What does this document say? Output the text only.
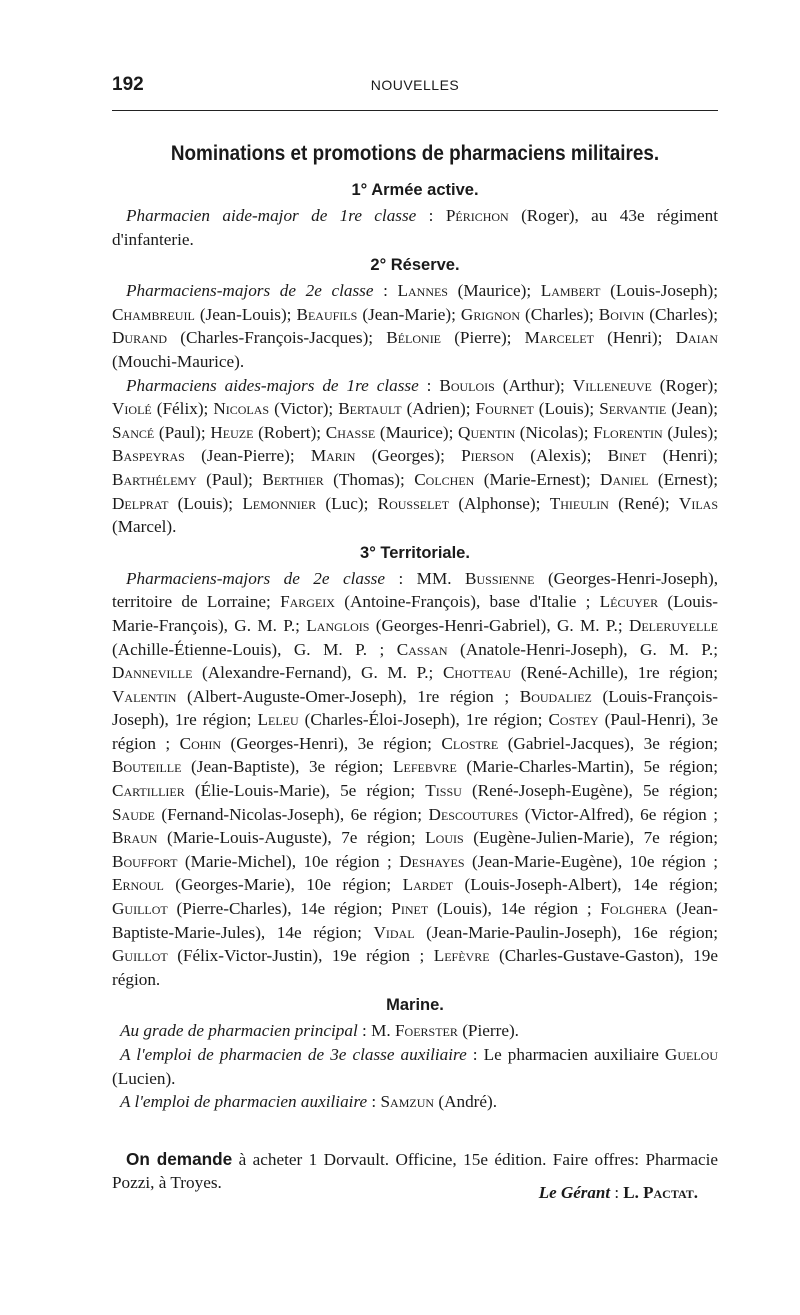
192	NOUVELLES
Nominations et promotions de pharmaciens militaires.
1° Armée active.

Pharmacien aide-major de 1re classe : Périchon (Roger), au 43e régiment d'infanterie.

2° Réserve.

Pharmaciens-majors de 2e classe : Lannes (Maurice); Lambert (Louis-Joseph); Chambreuil (Jean-Louis); Beaufils (Jean-Marie); Grignon (Charles); Boivin (Charles); Durand (Charles-François-Jacques); Bélonie (Pierre); Marcelet (Henri); Daian (Mouchi-Maurice).

Pharmaciens aides-majors de 1re classe : Boulois (Arthur); Villeneuve (Roger); Violé (Félix); Nicolas (Victor); Bertault (Adrien); Fournet (Louis); Servantie (Jean); Sancé (Paul); Heuze (Robert); Chasse (Maurice); Quentin (Nicolas); Florentin (Jules); Baspeyras (Jean-Pierre); Marin (Georges); Pierson (Alexis); Binet (Henri); Barthélemy (Paul); Berthier (Thomas); Colchen (Marie-Ernest); Daniel (Ernest); Delprat (Louis); Lemonnier (Luc); Rousselet (Alphonse); Thieulin (René); Vilas (Marcel).

3° Territoriale.

Pharmaciens-majors de 2e classe : MM. Bussienne (Georges-Henri-Joseph), territoire de Lorraine; Fargeix (Antoine-François), base d'Italie ; Lécuyer (Louis-Marie-François), G. M. P.; Langlois (Georges-Henri-Gabriel), G. M. P.; Deleruyelle (Achille-Étienne-Louis), G. M. P. ; Cassan (Anatole-Henri-Joseph), G. M. P.; Danneville (Alexandre-Fernand), G. M. P.; Chotteau (René-Achille), 1re région; Valentin (Albert-Auguste-Omer-Joseph), 1re région ; Boudaliez (Louis-François-Joseph), 1re région; Leleu (Charles-Éloi-Joseph), 1re région; Costey (Paul-Henri), 3e région ; Cohin (Georges-Henri), 3e région; Clostre (Gabriel-Jacques), 3e région; Bouteille (Jean-Baptiste), 3e région; Lefebvre (Marie-Charles-Martin), 5e région; Cartillier (Élie-Louis-Marie), 5e région; Tissu (René-Joseph-Eugène), 5e région; Saude (Fernand-Nicolas-Joseph), 6e région; Descoutures (Victor-Alfred), 6e région ; Braun (Marie-Louis-Auguste), 7e région; Louis (Eugène-Julien-Marie), 7e région; Bouffort (Marie-Michel), 10e région ; Deshayes (Jean-Marie-Eugène), 10e région ; Ernoul (Georges-Marie), 10e région; Lardet (Louis-Joseph-Albert), 14e région; Guillot (Pierre-Charles), 14e région; Pinet (Louis), 14e région ; Folghera (Jean-Baptiste-Marie-Jules), 14e région; Vidal (Jean-Marie-Paulin-Joseph), 16e région; Guillot (Félix-Victor-Justin), 19e région ; Lefèvre (Charles-Gustave-Gaston), 19e région.

Marine.

Au grade de pharmacien principal : M. Foerster (Pierre).

A l'emploi de pharmacien de 3e classe auxiliaire : Le pharmacien auxiliaire Guelou (Lucien).

A l'emploi de pharmacien auxiliaire : Samzun (André).

On demande à acheter 1 Dorvault. Officine, 15e édition. Faire offres: Pharmacie Pozzi, à Troyes.

Le Gérant : L. Pactat.
